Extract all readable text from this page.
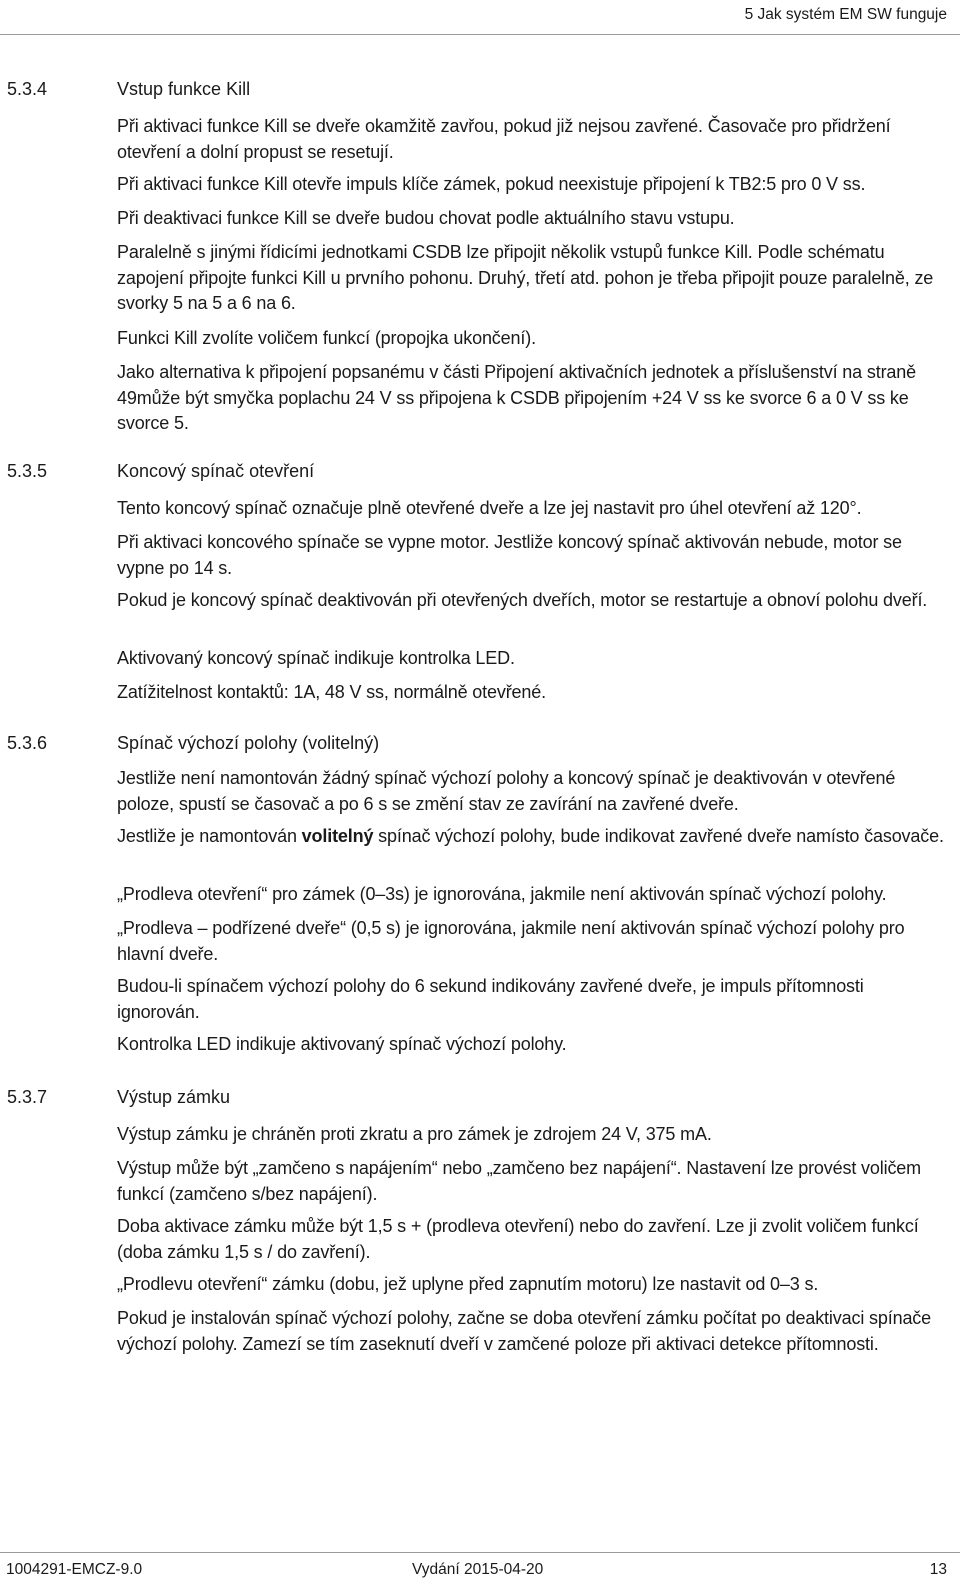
5 Jak systém EM SW funguje
5.3.4	Vstup funkce Kill

Při aktivaci funkce Kill se dveře okamžitě zavřou, pokud již nejsou zavřené. Časovače pro přidržení otevření a dolní propust se resetují.

Při aktivaci funkce Kill otevře impuls klíče zámek, pokud neexistuje připojení k TB2:5 pro 0 V ss.

Při deaktivaci funkce Kill se dveře budou chovat podle aktuálního stavu vstupu.

Paralelně s jinými řídicími jednotkami CSDB lze připojit několik vstupů funkce Kill. Podle schématu zapojení připojte funkci Kill u prvního pohonu. Druhý, třetí atd. pohon je třeba připojit pouze paralelně, ze svorky 5 na 5 a 6 na 6.

Funkci Kill zvolíte voličem funkcí (propojka ukončení).

Jako alternativa k připojení popsanému v části Připojení aktivačních jednotek a příslušenství na straně 49může být smyčka poplachu 24 V ss připojena k CSDB připojením +24 V ss ke svorce 6 a 0 V ss ke svorce 5.

5.3.5	Koncový spínač otevření

Tento koncový spínač označuje plně otevřené dveře a lze jej nastavit pro úhel otevření až 120°.

Při aktivaci koncového spínače se vypne motor. Jestliže koncový spínač aktivován nebude, motor se vypne po 14 s.

Pokud je koncový spínač deaktivován při otevřených dveřích, motor se restartuje a obnoví polohu dveří.

Aktivovaný koncový spínač indikuje kontrolka LED.

Zatížitelnost kontaktů: 1A, 48 V ss, normálně otevřené.

5.3.6	Spínač výchozí polohy (volitelný)

Jestliže není namontován žádný spínač výchozí polohy a koncový spínač je deaktivován v otevřené poloze, spustí se časovač a po 6 s se změní stav ze zavírání na zavřené dveře.

Jestliže je namontován volitelný spínač výchozí polohy, bude indikovat zavřené dveře namísto časovače.

„Prodleva otevření“ pro zámek (0–3s) je ignorována, jakmile není aktivován spínač výchozí polohy.

„Prodleva – podřízené dveře“ (0,5 s) je ignorována, jakmile není aktivován spínač výchozí polohy pro hlavní dveře.

Budou-li spínačem výchozí polohy do 6 sekund indikovány zavřené dveře, je impuls přítomnosti ignorován.

Kontrolka LED indikuje aktivovaný spínač výchozí polohy.

5.3.7	Výstup zámku

Výstup zámku je chráněn proti zkratu a pro zámek je zdrojem 24 V, 375 mA.

Výstup může být „zamčeno s napájením“ nebo „zamčeno bez napájení“. Nastavení lze provést voličem funkcí (zamčeno s/bez napájení).

Doba aktivace zámku může být 1,5 s + (prodleva otevření) nebo do zavření. Lze ji zvolit voličem funkcí (doba zámku 1,5 s / do zavření).

„Prodlevu otevření“ zámku (dobu, jež uplyne před zapnutím motoru) lze nastavit od 0–3 s.

Pokud je instalován spínač výchozí polohy, začne se doba otevření zámku počítat po deaktivaci spínače výchozí polohy. Zamezí se tím zaseknutí dveří v zamčené poloze při aktivaci detekce přítomnosti.

1004291-EMCZ-9.0	Vydání 2015-04-20	13
